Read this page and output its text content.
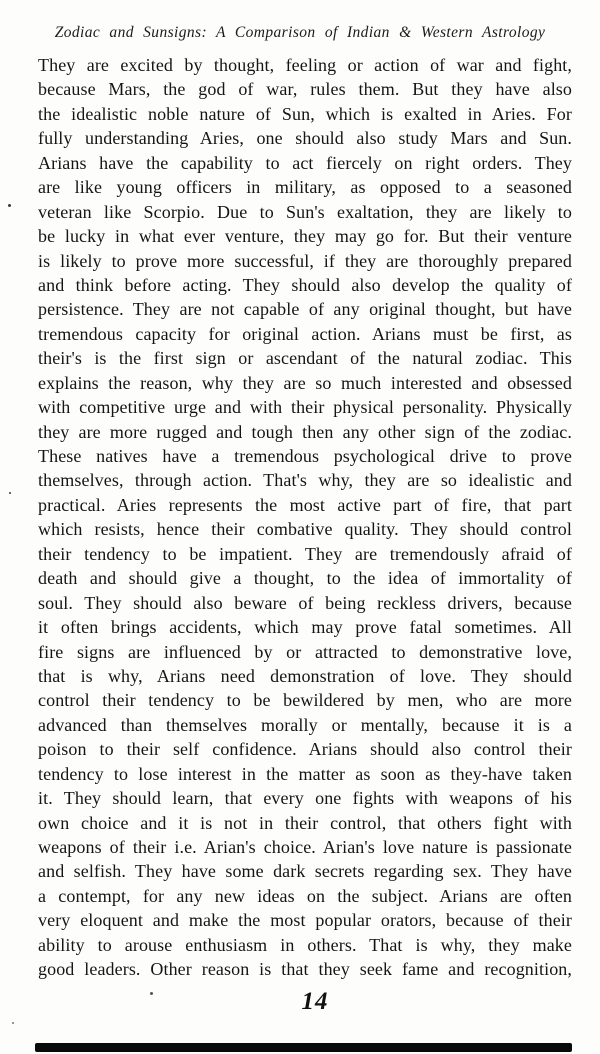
Zodiac and Sunsigns: A Comparison of Indian & Western Astrology
They are excited by thought, feeling or action of war and fight,
because Mars, the god of war, rules them. But they have also
the idealistic noble nature of Sun, which is exalted in Aries. For
fully understanding Aries, one should also study Mars and Sun.
Arians have the capability to act fiercely on right orders. They
are like young officers in military, as opposed to a seasoned
veteran like Scorpio. Due to Sun's exaltation, they are likely to
be lucky in what ever venture, they may go for. But their venture
is likely to prove more successful, if they are thoroughly prepared
and think before acting. They should also develop the quality of
persistence. They are not capable of any original thought, but have
tremendous capacity for original action. Arians must be first, as
their's is the first sign or ascendant of the natural zodiac. This
explains the reason, why they are so much interested and obsessed
with competitive urge and with their physical personality. Physically
they are more rugged and tough then any other sign of the zodiac.
These natives have a tremendous psychological drive to prove
themselves, through action. That's why, they are so idealistic and
practical. Aries represents the most active part of fire, that part
which resists, hence their combative quality. They should control
their tendency to be impatient. They are tremendously afraid of
death and should give a thought, to the idea of immortality of
soul. They should also beware of being reckless drivers, because
it often brings accidents, which may prove fatal sometimes. All
fire signs are influenced by or attracted to demonstrative love,
that is why, Arians need demonstration of love. They should
control their tendency to be bewildered by men, who are more
advanced than themselves morally or mentally, because it is a
poison to their self confidence. Arians should also control their
tendency to lose interest in the matter as soon as they-have taken
it. They should learn, that every one fights with weapons of his
own choice and it is not in their control, that others fight with
weapons of their i.e. Arian's choice. Arian's love nature is passionate
and selfish. They have some dark secrets regarding sex. They have
a contempt, for any new ideas on the subject. Arians are often
very eloquent and make the most popular orators, because of their
ability to arouse enthusiasm in others. That is why, they make
good leaders. Other reason is that they seek fame and recognition,
14
